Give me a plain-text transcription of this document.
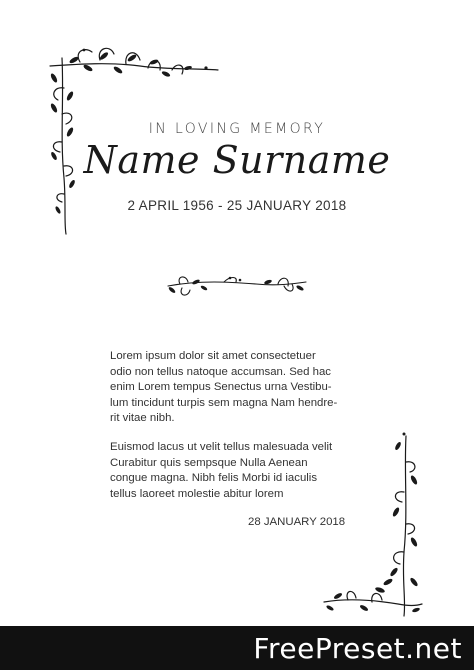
IN LOVING MEMORY
Name Surname
2 APRIL 1956 - 25 JANUARY 2018
Lorem ipsum dolor sit amet consectetuer
odio non tellus natoque accumsan. Sed hac
enim Lorem tempus Senectus urna Vestibu-
lum tincidunt turpis sem magna Nam hendre-
rit vitae nibh.
Euismod lacus ut velit tellus malesuada velit
Curabitur quis sempsque Nulla Aenean
congue magna. Nibh felis Morbi id iaculis
tellus laoreet molestie abitur lorem
28 JANUARY 2018
FreePreset.net
